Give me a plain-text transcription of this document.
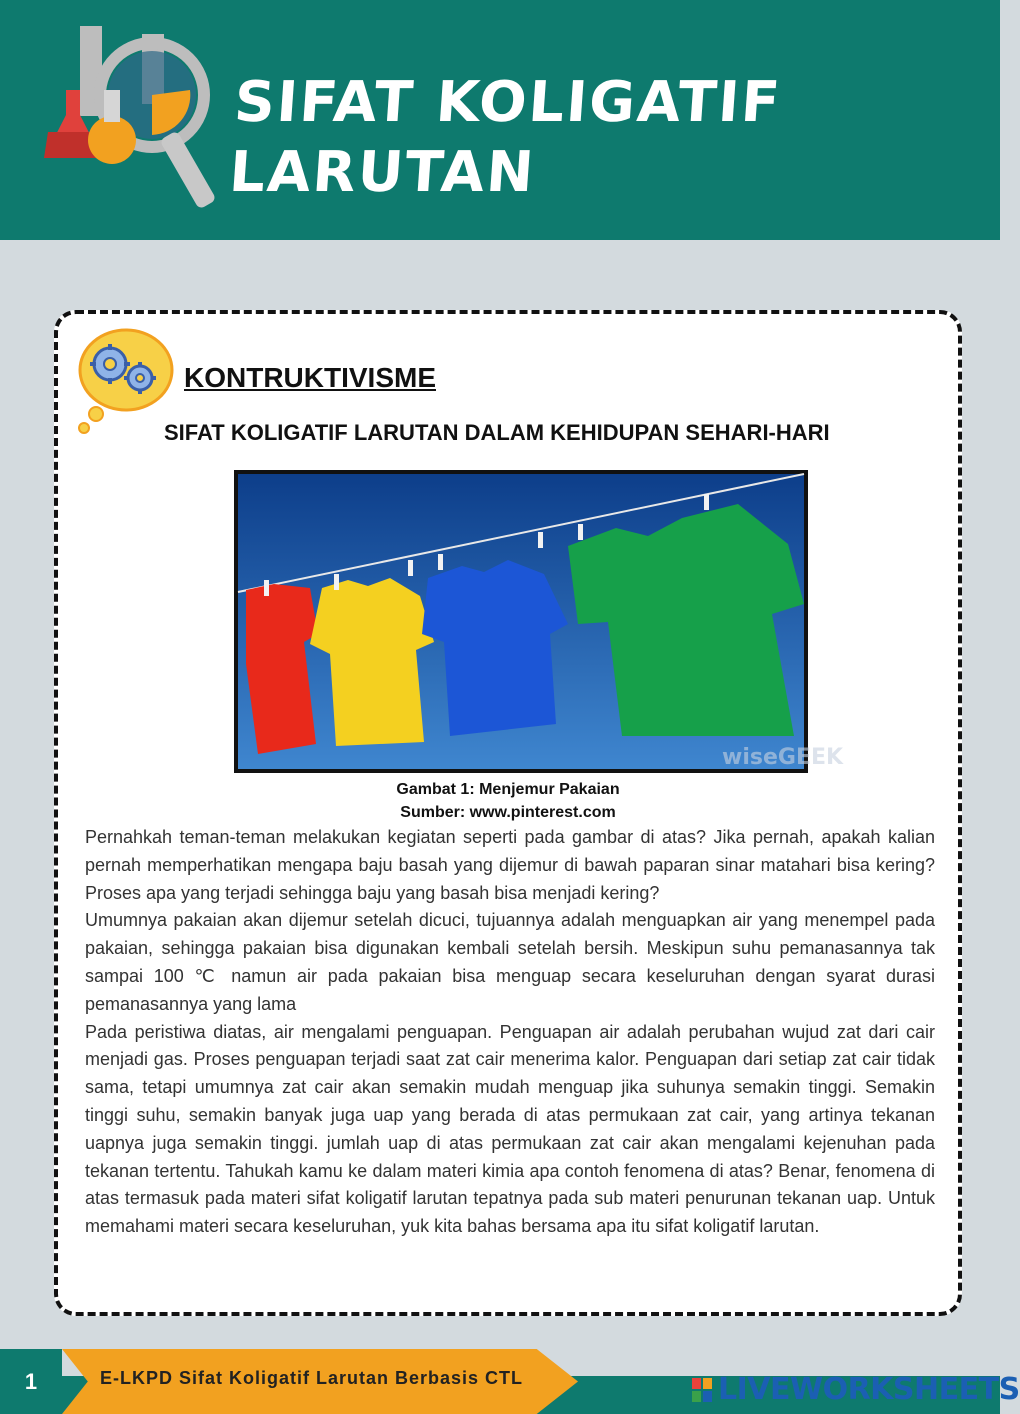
SIFAT KOLIGATIF LARUTAN
KONTRUKTIVISME
SIFAT KOLIGATIF LARUTAN DALAM KEHIDUPAN SEHARI-HARI
wiseGEEK
Gambat 1: Menjemur Pakaian
Sumber: www.pinterest.com

Pernahkah teman-teman melakukan kegiatan seperti pada gambar di atas? Jika pernah, apakah kalian pernah memperhatikan mengapa baju basah yang dijemur di bawah paparan sinar matahari bisa kering? Proses apa yang terjadi sehingga baju yang basah bisa menjadi kering?

Umumnya pakaian akan dijemur setelah dicuci, tujuannya adalah menguapkan air yang menempel pada pakaian, sehingga pakaian bisa digunakan kembali setelah bersih. Meskipun suhu pemanasannya tak sampai 100 ℃ namun air pada pakaian bisa menguap secara keseluruhan dengan syarat durasi pemanasannya yang lama

Pada peristiwa diatas, air mengalami penguapan. Penguapan air adalah perubahan wujud zat dari cair menjadi gas. Proses penguapan terjadi saat zat cair menerima kalor. Penguapan dari setiap zat cair tidak sama, tetapi umumnya zat cair akan semakin mudah menguap jika suhunya semakin tinggi. Semakin tinggi suhu, semakin banyak juga uap yang berada di atas permukaan zat cair, yang artinya tekanan uapnya juga semakin tinggi. jumlah uap di atas permukaan zat cair akan mengalami kejenuhan pada tekanan tertentu. Tahukah kamu ke dalam materi kimia apa contoh fenomena di atas? Benar, fenomena di atas termasuk pada materi sifat koligatif larutan tepatnya pada sub materi penurunan tekanan uap. Untuk memahami materi secara keseluruhan, yuk kita bahas bersama apa itu sifat koligatif larutan.

1	E-LKPD Sifat Koligatif Larutan Berbasis CTL	LIVEWORKSHEETS
